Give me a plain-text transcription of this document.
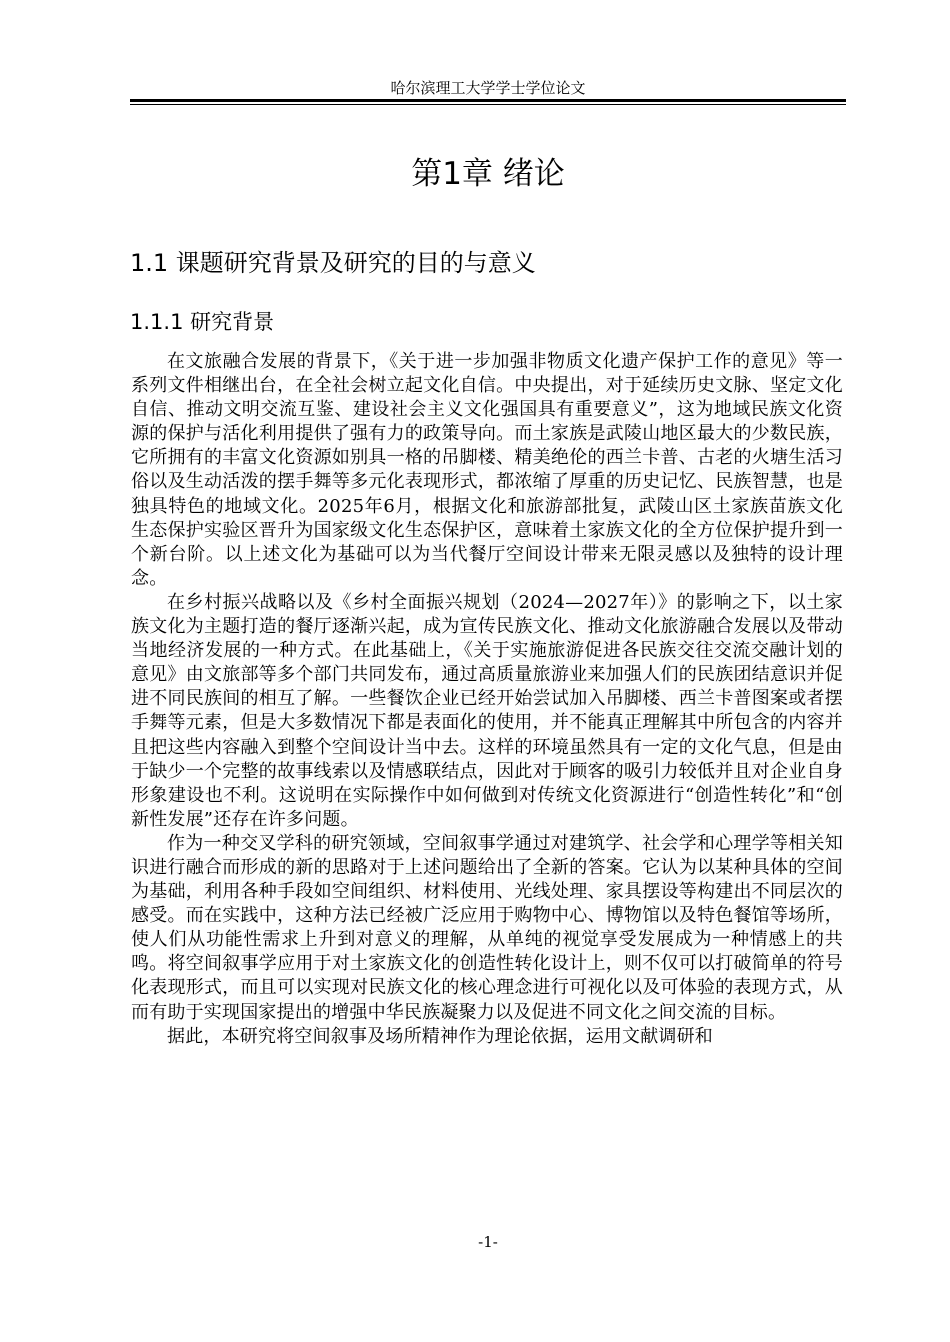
哈尔滨理工大学学士学位论文
第1章 绪论
1.1 课题研究背景及研究的目的与意义
1.1.1 研究背景

在文旅融合发展的背景下，《关于进一步加强非物质文化遗产保护工作的意见》等一系列文件相继出台，在全社会树立起文化自信。中央提出，对于延续历史文脉、坚定文化自信、推动文明交流互鉴、建设社会主义文化强国具有重要意义”，这为地域民族文化资源的保护与活化利用提供了强有力的政策导向。而土家族是武陵山地区最大的少数民族，它所拥有的丰富文化资源如别具一格的吊脚楼、精美绝伦的西兰卡普、古老的火塘生活习俗以及生动活泼的摆手舞等多元化表现形式，都浓缩了厚重的历史记忆、民族智慧，也是独具特色的地域文化。2025年6月，根据文化和旅游部批复，武陵山区土家族苗族文化生态保护实验区晋升为国家级文化生态保护区，意味着土家族文化的全方位保护提升到一个新台阶。以上述文化为基础可以为当代餐厅空间设计带来无限灵感以及独特的设计理念。

在乡村振兴战略以及《乡村全面振兴规划（2024—2027年）》的影响之下，以土家族文化为主题打造的餐厅逐渐兴起，成为宣传民族文化、推动文化旅游融合发展以及带动当地经济发展的一种方式。在此基础上，《关于实施旅游促进各民族交往交流交融计划的意见》由文旅部等多个部门共同发布，通过高质量旅游业来加强人们的民族团结意识并促进不同民族间的相互了解。一些餐饮企业已经开始尝试加入吊脚楼、西兰卡普图案或者摆手舞等元素，但是大多数情况下都是表面化的使用，并不能真正理解其中所包含的内容并且把这些内容融入到整个空间设计当中去。这样的环境虽然具有一定的文化气息，但是由于缺少一个完整的故事线索以及情感联结点，因此对于顾客的吸引力较低并且对企业自身形象建设也不利。这说明在实际操作中如何做到对传统文化资源进行“创造性转化”和“创新性发展”还存在许多问题。

作为一种交叉学科的研究领域，空间叙事学通过对建筑学、社会学和心理学等相关知识进行融合而形成的新的思路对于上述问题给出了全新的答案。它认为以某种具体的空间为基础，利用各种手段如空间组织、材料使用、光线处理、家具摆设等构建出不同层次的感受。而在实践中，这种方法已经被广泛应用于购物中心、博物馆以及特色餐馆等场所，使人们从功能性需求上升到对意义的理解，从单纯的视觉享受发展成为一种情感上的共鸣。将空间叙事学应用于对土家族文化的创造性转化设计上，则不仅可以打破简单的符号化表现形式，而且可以实现对民族文化的核心理念进行可视化以及可体验的表现方式，从而有助于实现国家提出的增强中华民族凝聚力以及促进不同文化之间交流的目标。

据此，本研究将空间叙事及场所精神作为理论依据，运用文献调研和

-1-
